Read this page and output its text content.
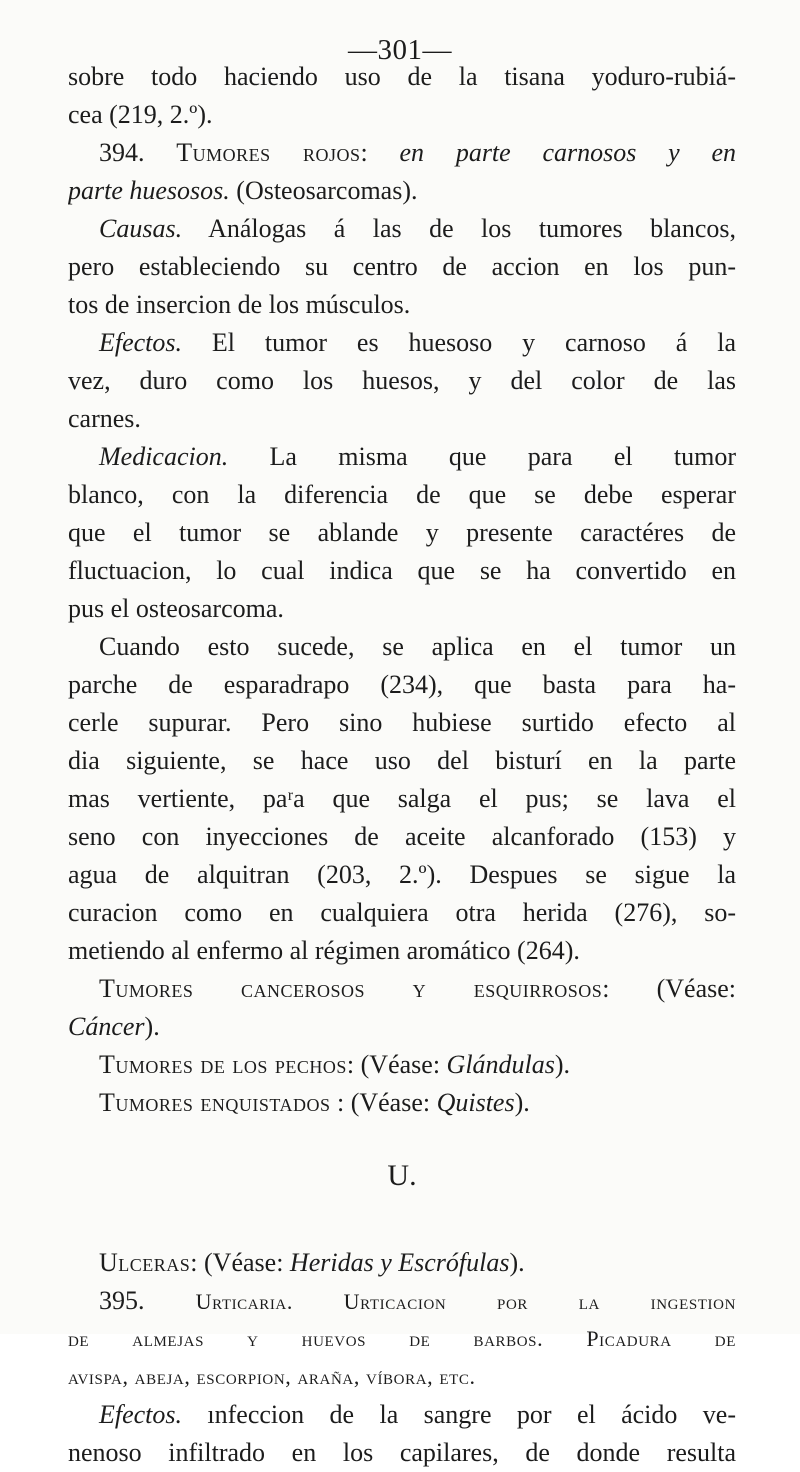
—301—
sobre todo haciendo uso de la tisana yoduro-rubiá-
cea (219, 2.º).
394. Tumores rojos: en parte carnosos y en
parte huesosos. (Osteosarcomas).
Causas. Análogas á las de los tumores blancos,
pero estableciendo su centro de accion en los pun-
tos de insercion de los músculos.
Efectos. El tumor es huesoso y carnoso á la
vez, duro como los huesos, y del color de las
carnes.
Medicacion. La misma que para el tumor
blanco, con la diferencia de que se debe esperar
que el tumor se ablande y presente caractéres de
fluctuacion, lo cual indica que se ha convertido en
pus el osteosarcoma.
Cuando esto sucede, se aplica en el tumor un
parche de esparadrapo (234), que basta para ha-
cerle supurar. Pero sino hubiese surtido efecto al
dia siguiente, se hace uso del bisturí en la parte
mas vertiente, paʳa que salga el pus; se lava el
seno con inyecciones de aceite alcanforado (153) y
agua de alquitran (203, 2.º). Despues se sigue la
curacion como en cualquiera otra herida (276), so-
metiendo al enfermo al régimen aromático (264).
Tumores cancerosos y esquirrosos: (Véase:
Cáncer).
Tumores de los pechos: (Véase: Glándulas).
Tumores enquistados : (Véase: Quistes).
U.
Ulceras: (Véase: Heridas y Escrófulas).
395. Urticaria. Urticacion por la ingestion
de almejas y huevos de barbos. Picadura de
avispa, abeja, escorpion, araña, víbora, etc.
Efectos. ınfeccion de la sangre por el ácido ve-
nenoso infiltrado en los capilares, de donde resulta
